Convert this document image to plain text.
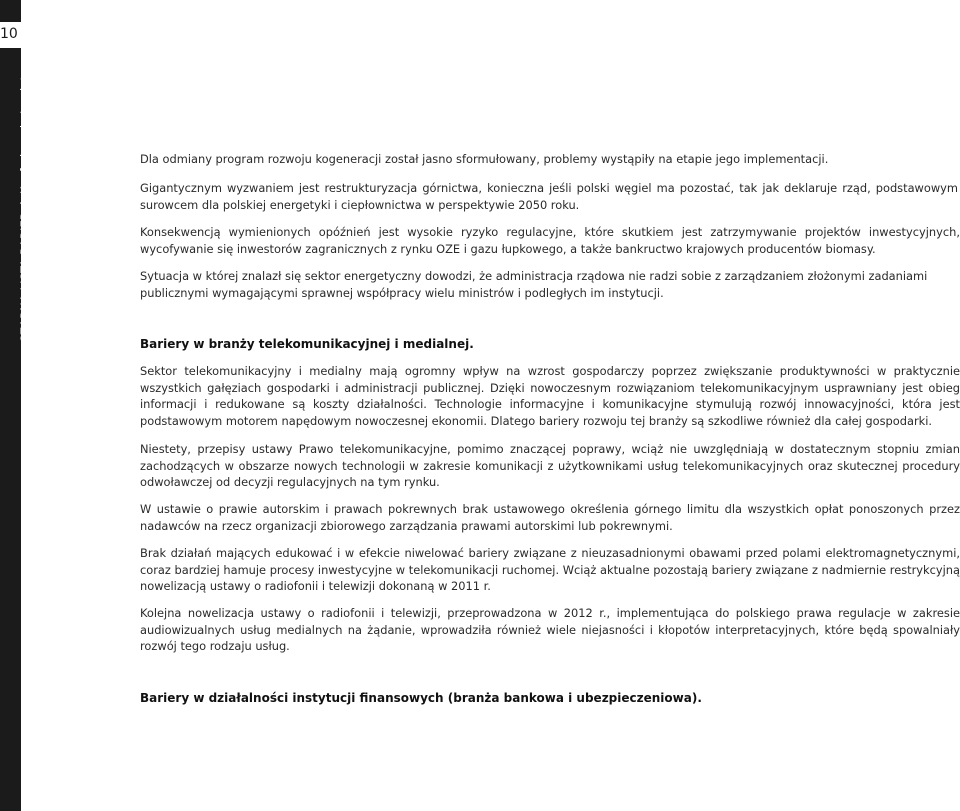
10
CZARNA LISTA BARIER|Konfederacja Lewiatan	Dla odmiany program rozwoju kogeneracji został jasno sformułowany, problemy wystąpiły na etapie jego implementacji.

Gigantycznym wyzwaniem jest restrukturyzacja górnictwa, konieczna jeśli polski węgiel ma pozostać, tak jak deklaruje rząd, podstawowym surowcem dla polskiej energetyki i ciepłownictwa w perspektywie 2050 roku.

Konsekwencją wymienionych opóźnień jest wysokie ryzyko regulacyjne, które skutkiem jest zatrzymywanie projektów inwestycyjnych, wycofywanie się inwestorów zagranicznych z rynku OZE i gazu łupkowego, a także bankructwo krajowych producentów biomasy.

Sytuacja w której znalazł się sektor energetyczny dowodzi, że administracja rządowa nie radzi sobie z zarządzaniem złożonymi zadaniami publicznymi wymagającymi sprawnej współpracy wielu ministrów i podległych im instytucji.

Bariery w branży telekomunikacyjnej i medialnej.

Sektor telekomunikacyjny i medialny mają ogromny wpływ na wzrost gospodarczy poprzez zwiększanie produktywności w praktycznie wszystkich gałęziach gospodarki i administracji publicznej. Dzięki nowoczesnym rozwiązaniom telekomunikacyjnym usprawniany jest obieg informacji i redukowane są koszty działalności. Technologie informacyjne i komunikacyjne stymulują rozwój innowacyjności, która jest podstawowym motorem napędowym nowoczesnej ekonomii. Dlatego bariery rozwoju tej branży są szkodliwe również dla całej gospodarki.

Niestety, przepisy ustawy Prawo telekomunikacyjne, pomimo znaczącej poprawy, wciąż nie uwzględniają w dostatecznym stopniu zmian zachodzących w obszarze nowych technologii w zakresie komunikacji z użytkownikami usług telekomunikacyjnych oraz skutecznej procedury odwoławczej od decyzji regulacyjnych na tym rynku.

W ustawie o prawie autorskim i prawach pokrewnych brak ustawowego określenia górnego limitu dla wszystkich opłat ponoszonych przez nadawców na rzecz organizacji zbiorowego zarządzania prawami autorskimi lub pokrewnymi.

Brak działań mających edukować i w efekcie niwelować bariery związane z nieuzasadnionymi obawami przed polami elektromagnetycznymi, coraz bardziej hamuje procesy inwestycyjne w telekomunikacji ruchomej. Wciąż aktualne pozostają bariery związane z nadmiernie restrykcyjną nowelizacją ustawy o radiofonii i telewizji dokonaną w 2011 r.

Kolejna nowelizacja ustawy o radiofonii i telewizji, przeprowadzona w 2012 r., implementująca do polskiego prawa regulacje w zakresie audiowizualnych usług medialnych na żądanie, wprowadziła również wiele niejasności i kłopotów interpretacyjnych, które będą spowalniały rozwój tego rodzaju usług.

Bariery w działalności instytucji finansowych (branża bankowa i ubezpieczeniowa).
